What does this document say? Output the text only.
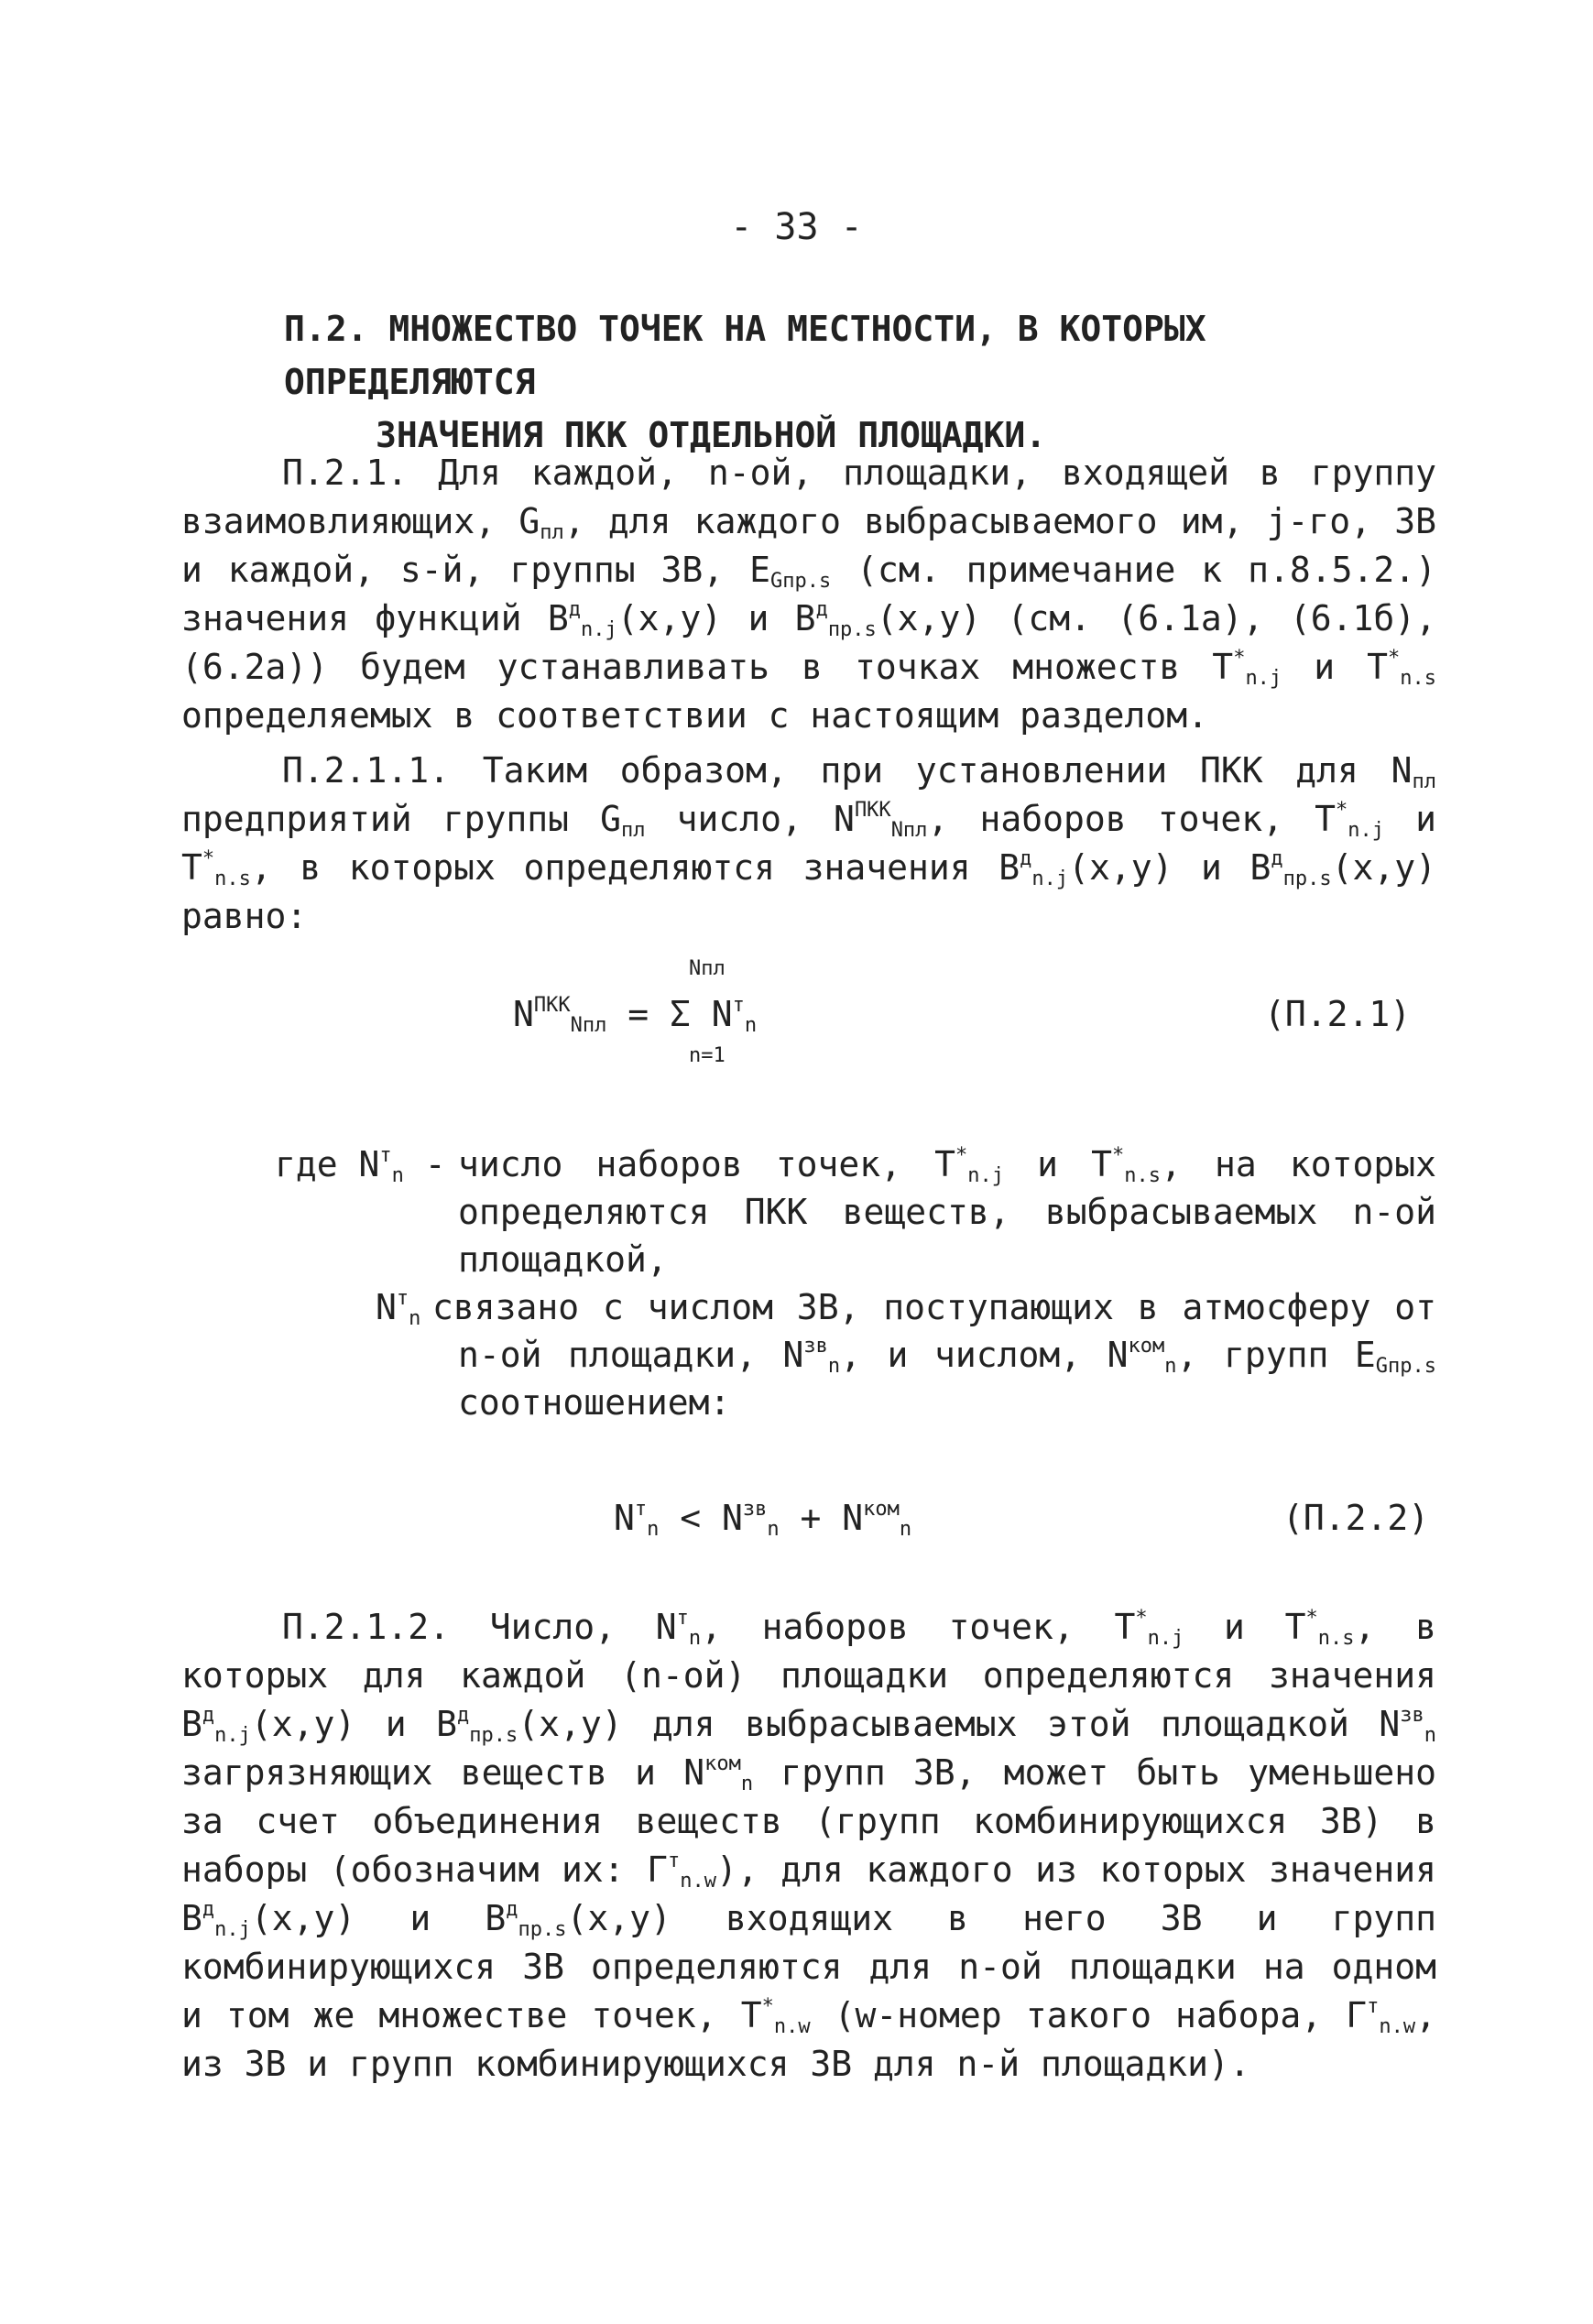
- 33 -
П.2. МНОЖЕСТВО ТОЧЕК НА МЕСТНОСТИ, В КОТОРЫХ ОПРЕДЕЛЯЮТСЯ
ЗНАЧЕНИЯ ПКК ОТДЕЛЬНОЙ ПЛОЩАДКИ.

П.2.1. Для каждой, n-ой, площадки, входящей в группу взаимовлияющих, $G_{пл}$, для каждого выбрасываемого им, j-го, ЗВ и каждой, s-й, группы ЗВ, $E_{Gпр.s}$ (см. примечание к п.8.5.2.) значения функций $B^д_{n.j}(x,y)$ и $B^д_{пр.s}(x,y)$ (см. (6.1а), (6.1б), (6.2а)) будем устанавливать в точках множеств $T^*_{n.j}$ и $T^*_{n.s}$ определяемых в соответствии с настоящим разделом.

П.2.1.1. Таким образом, при установлении ПКК для $N_{пл}$ предприятий группы $G_{пл}$ число, $N^{ПКК}_{Nпл}$, наборов точек, $T^*_{n.j}$ и $T^*_{n.s}$, в которых определяются значения $B^д_{n.j}(x,y)$ и $B^д_{пр.s}(x,y)$ равно:

Nпл
$N^{ПКК}_{Nпл} = \Sigma$ $N^т_n$
n=1
(П.2.1)
где $N^т_n$ - число наборов точек, $T^*_{n.j}$ и $T^*_{n.s}$, на которых определяются ПКК веществ, выбрасываемых n-ой площадкой,
$N^т_n$ связано с числом ЗВ, поступающих в атмосферу от n-ой площадки, $N^{зв}_n$, и числом, $N^{ком}_n$, групп $E_{Gпр.s}$ соотношением:
$N^т_n < N^{зв}_n + N^{ком}_n$	(П.2.2)

П.2.1.2. Число, $N^т_n$, наборов точек, $T^*_{n.j}$ и $T^*_{n.s}$, в которых для каждой (n-ой) площадки определяются значения $B^д_{n.j}(x,y)$ и $B^д_{пр.s}(x,y)$ для выбрасываемых этой площадкой $N^{зв}_n$ загрязняющих веществ и $N^{ком}_n$ групп ЗВ, может быть уменьшено за счет объединения веществ (групп комбинирующихся ЗВ) в наборы (обозначим их: $Г^т_{n.w}$), для каждого из которых значения $B^д_{n.j}(x,y)$ и $B^д_{пр.s}(x,y)$ входящих в него ЗВ и групп комбинирующихся ЗВ определяются для n-ой площадки на одном и том же множестве точек, $T^*_{n.w}$ (w-номер такого набора, $Г^т_{n.w}$, из ЗВ и групп комбинирующихся ЗВ для n-й площадки).
